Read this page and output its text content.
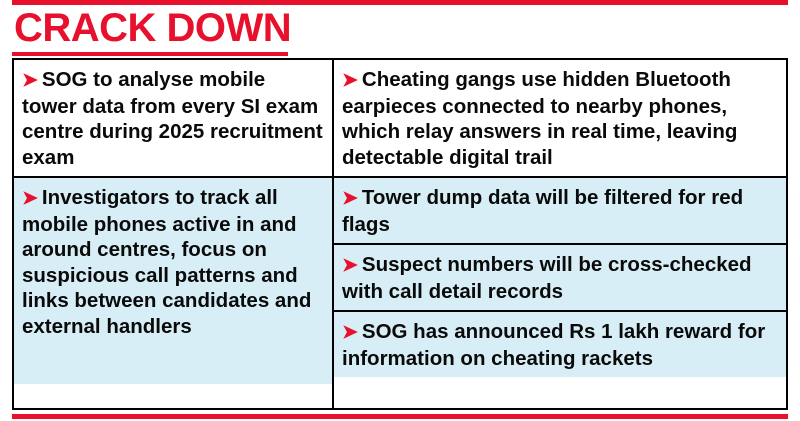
CRACK DOWN
➤ SOG to analyse mobile tower data from every SI exam centre during 2025 recruitment exam
➤ Investigators to track all mobile phones active in and around centres, focus on suspicious call patterns and links between candidates and external handlers
➤ Cheating gangs use hidden Bluetooth earpieces connected to nearby phones, which relay answers in real time, leaving detectable digital trail
➤ Tower dump data will be filtered for red flags
➤ Suspect numbers will be cross-checked with call detail records
➤ SOG has announced Rs 1 lakh reward for information on cheating rackets
